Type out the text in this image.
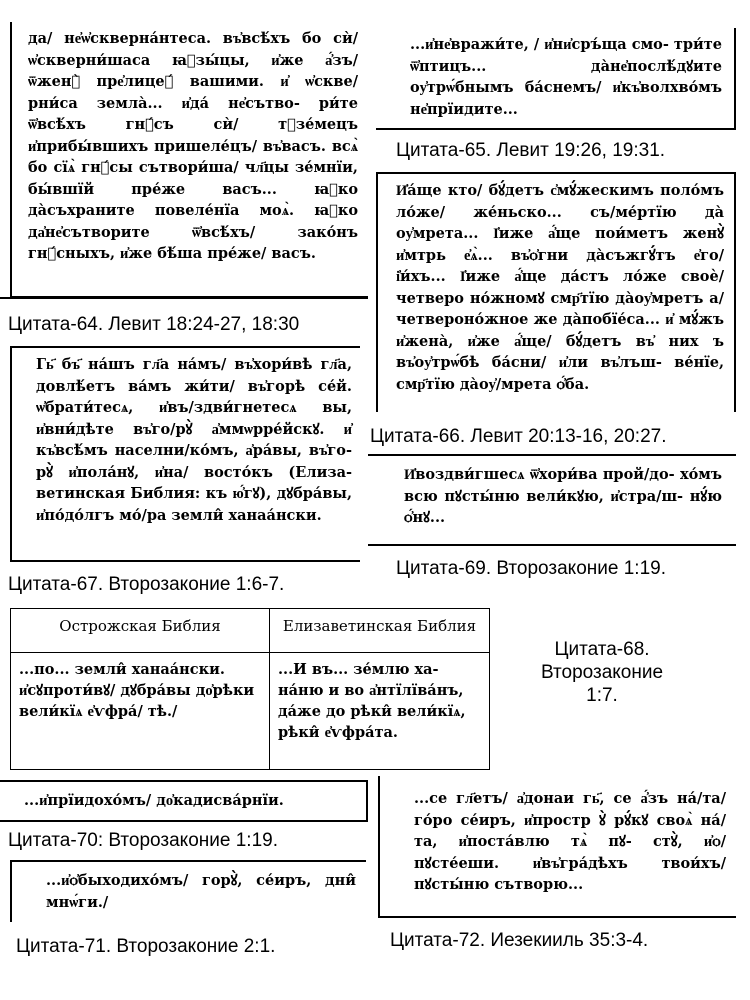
да/ не҆ѡ҆скверна́нтеса. въ҆всѣ́хъ бо сѝ/ ѡ҆скверни́шаса ꙗ҆зы́цы, и҆же а҆́зъ/ ѿженꙋ̀ пре҆лицеꙋ́ вашими. и҆ ѡ҆скве/рни́са земла̀... и҆да́ не҆сътво- ри́те ѿ҆всѣ́хъ гнꙋ́съ сѝ/ тꙋзе́мецъ и҆прибы́вшихъ пришеле́цъ/ въ҆васъ. всѧ̀ бо сїѧ̀ гнꙋ́сы сътвори́ша/ чл҃цы зе́мнїи, бы́вшїй пре́же васъ... ꙗ҆ко да̀съхраните повеле́нїа моѧ̀. ꙗ҆ко да҆не҆сътворите ѿ҆всѣ́хъ/ зако́нъ гнꙋ́сныхъ, и҆же бѣ́ша пре́же/ васъ.
Цитата-64. Левит 18:24-27, 18:30
...и҆не҆вражи́те, / и҆ни҆сръ́ща смо- три́те ѿ҆птицъ... да̀не҆послѣ́дꙋите оу҆трѡ́бнымъ ба́снемъ/ и҆къ҆волхво́мъ не҆прїидите...
Цитата-65. Левит 19:26, 19:31.
И҆а́ще кто/ бꙋ́детъ с҆мꙋ́жескимъ поло́мъ ло́же/ же́ньско... съ/ме́ртїю да̀ оу҆мрета... І҆иже а҆́ще пои́метъ женꙋ̀ и҆мтрь е҆ѧ̀... въ҆ѻ҆гни да̀съжгꙋ́тъ е҆го/ і҆и́хъ... І҆иже а҆́ще да́стъ ло́же своѐ/ четверо но́жномꙋ смр҃тїю да̀оу҆мретъ а/ четвероно́жное же да̀побїе́са... и҆ мꙋ́жъ и҆жена̀, и҆же а҆́ще/ бꙋ́детъ въ҆ них ъ въ҆оу҆трѡ́бѣ ба́сни/ и҆ли въ҆лъш- ве́нїе, смр҃тїю да̀оу҆/мрета ѻ҆́ба.
Цитата-66. Левит 20:13-16, 20:27.
Гь҃ бъ҃ на́шъ гл҃а на́мъ/ въ҆хори́вѣ гл҃а, довлѣ́етъ ва́мъ жи́ти/ въ҆горѣ се́й. ѡ҆брати́тесѧ, и҆въ/здви́гнетесѧ вы, и҆вни́дѣте въ҆го/рꙋ̀ а҆ммѡрре́йскꙋ. и҆ къ҆всѣ́мъ населни/ко́мъ, а҆ра́вы, въ҆го- рꙋ̀ и҆пола́нꙋ, и҆на/ восто́къ (Елиза- ветинская Библия: къ ю҆́гꙋ), дꙋбра́вы, и҆по́до́лгъ мо́/ра земли̂ ханаа́нски.
Цитата-67. Второзаконие 1:6-7.
И҆воздви́гшесѧ ѿ҆хори́ва прой/до- хо́мъ всю пꙋсты́ню вели́кꙋю, и҆стра/ш- нꙋ́ю ѻ҆́нꙋ...
Цитата-69. Второзаконие 1:19.
Острожская Библия	Елизаветинская Библия
...по... земли̂ ханаа́нски. и҆сꙋпроти́вꙋ/ дꙋбра́вы до҆рѣки вели́кїѧ е҆ѵфра́/ тѣ./	...И въ... зе́млю ха- на́ню и во а҆нтїлїва́нъ, да́же до рѣки̂ вели́кїѧ, рѣки̂ е҆ѵфра́та.
Цитата-68.
Второзаконие
1:7.
...и҆прїидохо́мъ/ до҆кадисва́рнїи.
Цитата-70: Второзаконие 1:19.
...и҆ѻ҆быходихо́мъ/ горꙋ̀, се́иръ, дни̂ мнѡ́ги./
Цитата-71. Второзаконие 2:1.
...се гл҃етъ/ а҆донаи гь҃, се а҆́зъ на́/та/ го́ро се́иръ, и҆простр ꙋ̀ рꙋ́кꙋ своѧ̀ на́/ та, и҆поста́влю тѧ̀ пꙋ- стꙋ̀, и҆ѻ/пꙋсте́еши. и҆въ҆гра́дѣхъ твои́хъ/ пꙋсты́ню сътворю...
Цитата-72. Иезекииль 35:3-4.
